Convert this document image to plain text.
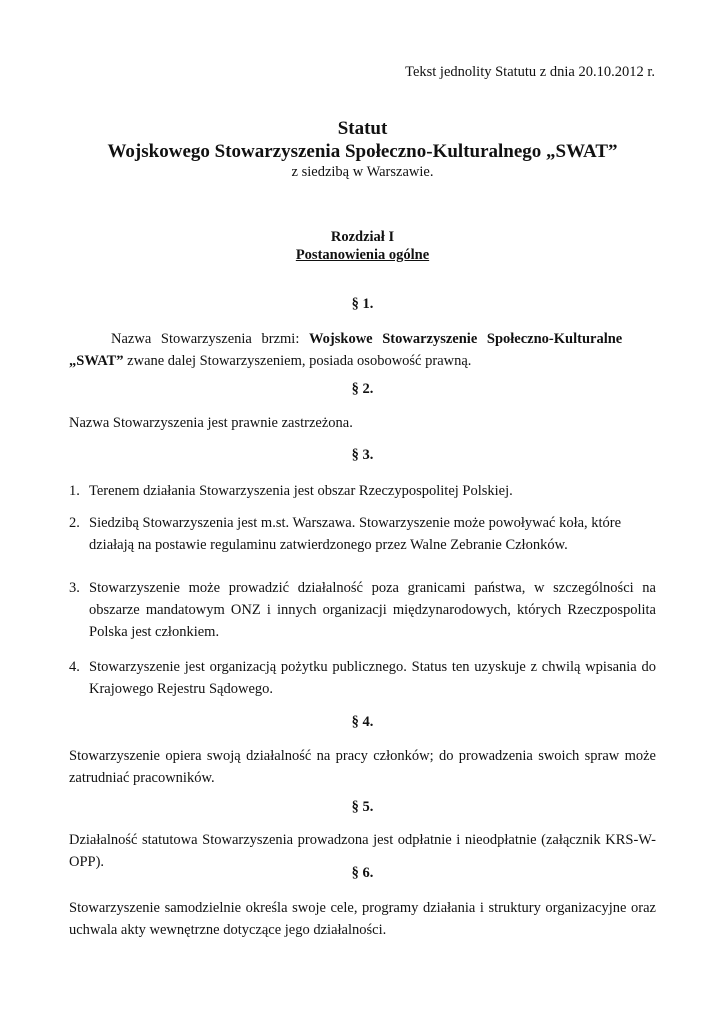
Tekst jednolity Statutu z dnia 20.10.2012 r.
Statut
Wojskowego Stowarzyszenia Społeczno-Kulturalnego „SWAT”
z siedzibą w Warszawie.
Rozdział I
Postanowienia ogólne
§ 1.
Nazwa Stowarzyszenia brzmi: Wojskowe Stowarzyszenie Społeczno-Kulturalne
„SWAT” zwane dalej Stowarzyszeniem, posiada osobowość prawną.
§ 2.
Nazwa Stowarzyszenia jest prawnie zastrzeżona.
§ 3.
1. Terenem działania Stowarzyszenia jest obszar Rzeczypospolitej Polskiej.
2. Siedzibą Stowarzyszenia jest m.st. Warszawa. Stowarzyszenie może powoływać koła, które działają na postawie regulaminu zatwierdzonego przez Walne Zebranie Członków.
3. Stowarzyszenie może prowadzić działalność poza granicami państwa, w szczególności na obszarze mandatowym ONZ i innych organizacji międzynarodowych, których Rzeczpospolita Polska jest członkiem.
4. Stowarzyszenie jest organizacją pożytku publicznego. Status ten uzyskuje z chwilą wpisania do Krajowego Rejestru Sądowego.
§ 4.
Stowarzyszenie opiera swoją działalność na pracy członków; do prowadzenia swoich spraw może zatrudniać pracowników.
§ 5.
Działalność statutowa Stowarzyszenia prowadzona jest odpłatnie i nieodpłatnie (załącznik KRS-W-OPP).
§ 6.
Stowarzyszenie samodzielnie określa swoje cele, programy działania i struktury organizacyjne oraz uchwala akty wewnętrzne dotyczące jego działalności.
